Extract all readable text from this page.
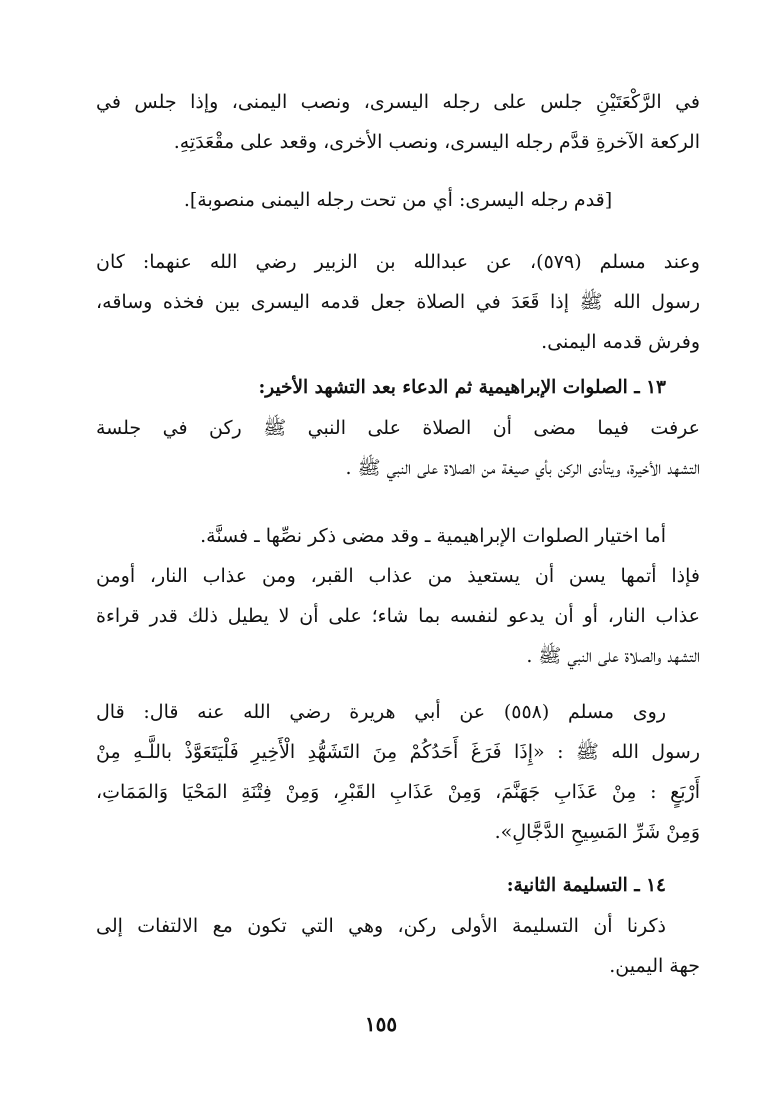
في الرَّكْعَتَيْنِ جلس على رجله اليسرى، ونصب اليمنى، وإذا جلس في
الركعة الآخرةِ قدَّم رجله اليسرى، ونصب الأخرى، وقعد على مقْعَدَتِهِ.
[قدم رجله اليسرى: أي من تحت رجله اليمنى منصوبة].
وعند مسلم (٥٧٩)، عن عبدالله بن الزبير رضي الله عنهما: كان
رسول الله ﷺ إذا قَعَدَ في الصلاة جعل قدمه اليسرى بين فخذه وساقه،
وفرش قدمه اليمنى.
١٣ ـ الصلوات الإبراهيمية ثم الدعاء بعد التشهد الأخير:
عرفت فيما مضى أن الصلاة على النبي ﷺ ركن في جلسة
التشهد الأخيرة، ويتأدى الركن بأي صيغة من الصلاة على النبي ﷺ .
أما اختيار الصلوات الإبراهيمية ـ وقد مضى ذكر نصِّها ـ فسنَّة.
فإذا أتمها يسن أن يستعيذ من عذاب القبر، ومن عذاب النار، أومن
عذاب النار، أو أن يدعو لنفسه بما شاء؛ على أن لا يطيل ذلك قدر قراءة
التشهد والصلاة على النبي ﷺ .
روى مسلم (٥٥٨) عن أبي هريرة رضي الله عنه قال: قال
رسول الله ﷺ : «إِذَا فَرَغَ أَحَدُكُمْ مِنَ التَشَهُّدِ الْأَخِيرِ فَلْيَتَعَوَّذْ باللَّـهِ مِنْ
أَرْبَعٍ : مِنْ عَذَابِ جَهَنَّمَ، وَمِنْ عَذَابِ القَبْرِ، وَمِنْ فِتْنَةِ المَحْيَا وَالمَمَاتِ،
وَمِنْ شَرِّ المَسِيحِ الدَّجَّالِ».
١٤ ـ التسليمة الثانية:
ذكرنا أن التسليمة الأولى ركن، وهي التي تكون مع الالتفات إلى
جهة اليمين.
١٥٥
